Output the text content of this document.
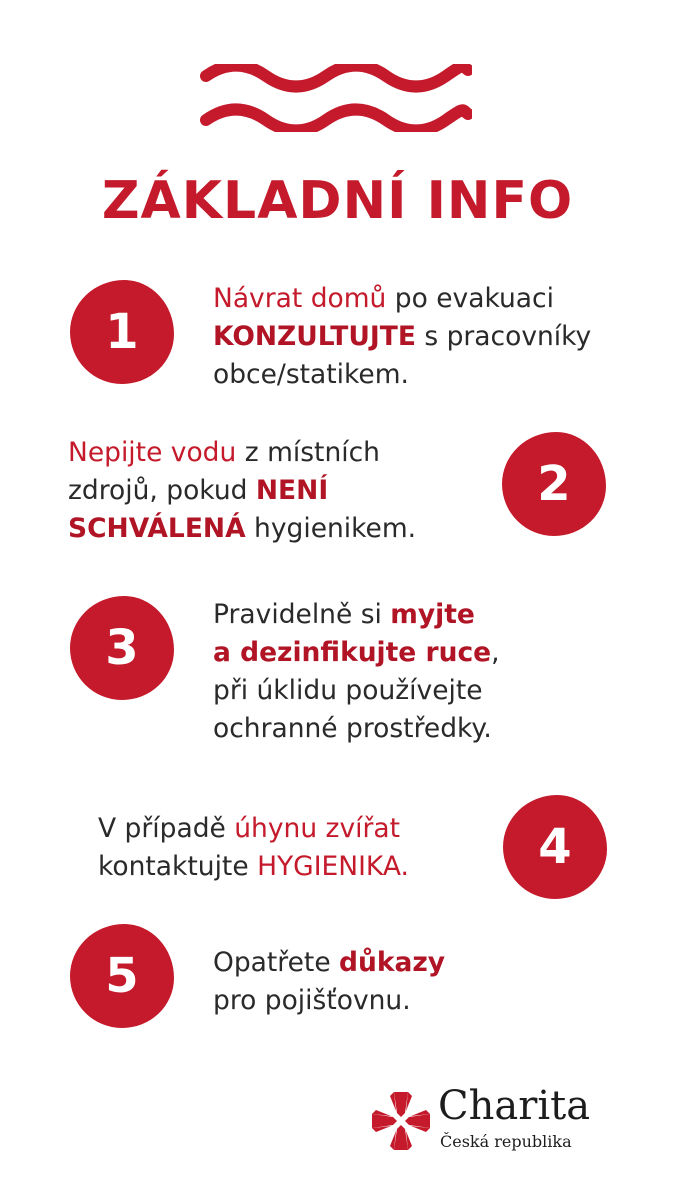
ZÁKLADNÍ INFO
1
Návrat domů po evakuaci
KONZULTUJTE s pracovníky
obce/statikem.
Nepijte vodu z místních
zdrojů, pokud NENÍ
SCHVÁLENÁ hygienikem.
2
3
Pravidelně si myjte
a dezinfikujte ruce,
při úklidu používejte
ochranné prostředky.
V případě úhynu zvířat
kontaktujte HYGIENIKA.	4
5	Opatřete důkazy
pro pojišťovnu.
Charita
Česká republika
